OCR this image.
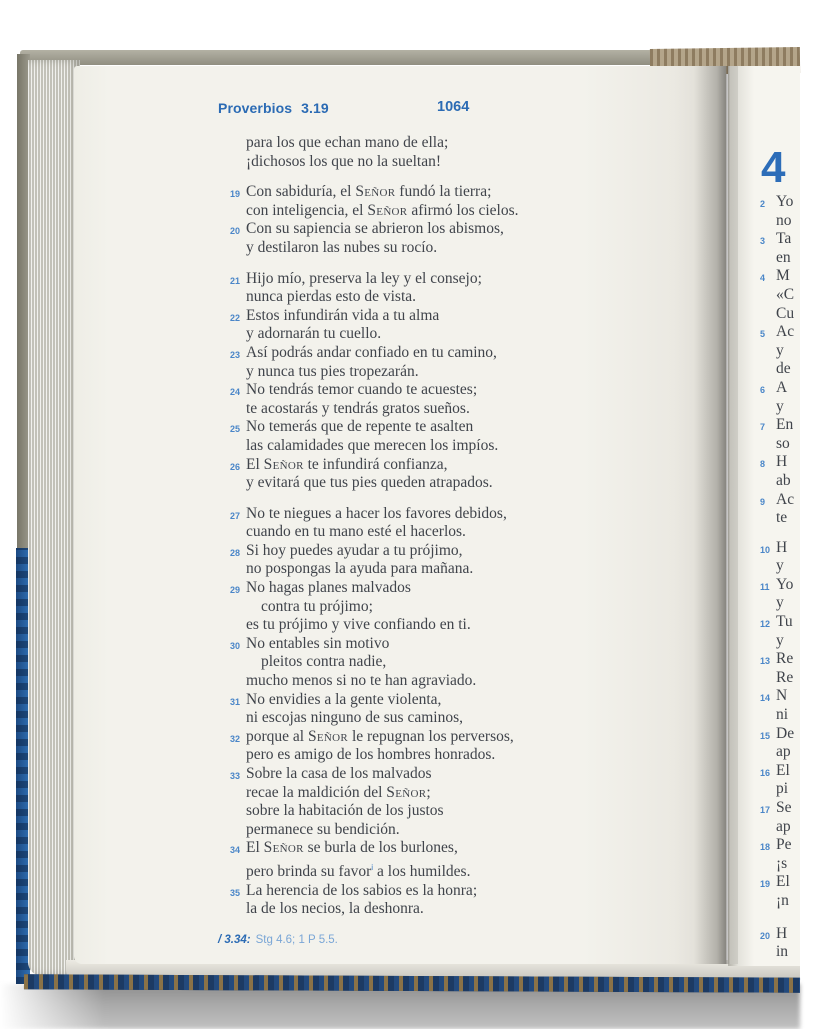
Proverbios 3.19	1064
para los que echan mano de ella;
¡dichosos los que no la sueltan!
19 Con sabiduría, el Señor fundó la tierra;
con inteligencia, el Señor afirmó los cielos.
20 Con su sapiencia se abrieron los abismos,
y destilaron las nubes su rocío.
21 Hijo mío, preserva la ley y el consejo;
nunca pierdas esto de vista.
22 Estos infundirán vida a tu alma
y adornarán tu cuello.
23 Así podrás andar confiado en tu camino,
y nunca tus pies tropezarán.
24 No tendrás temor cuando te acuestes;
te acostarás y tendrás gratos sueños.
25 No temerás que de repente te asalten
las calamidades que merecen los impíos.
26 El Señor te infundirá confianza,
y evitará que tus pies queden atrapados.
27 No te niegues a hacer los favores debidos,
cuando en tu mano esté el hacerlos.
28 Si hoy puedes ayudar a tu prójimo,
no pospongas la ayuda para mañana.
29 No hagas planes malvados
contra tu prójimo;
es tu prójimo y vive confiando en ti.
30 No entables sin motivo
pleitos contra nadie,
mucho menos si no te han agraviado.
31 No envidies a la gente violenta,
ni escojas ninguno de sus caminos,
32 porque al Señor le repugnan los perversos,
pero es amigo de los hombres honrados.
33 Sobre la casa de los malvados
recae la maldición del Señor;
sobre la habitación de los justos
permanece su bendición.
34 El Señor se burla de los burlones,
pero brinda su favor$^i$ a los humildes.
35 La herencia de los sabios es la honra;
la de los necios, la deshonra.
/ 3.34: Stg 4.6; 1 P 5.5.
4
2 Yo
no
3 Ta
en
4 M
«C
Cu
5 Ac
y
de
6 A
y
7 En
so
8 H
ab
9 Ac
te
10 H
y
11 Yo
y
12 Tu
y
13 Re
Re
14 N
ni
15 De
ap
16 El
pi
17 Se
ap
18 Pe
¡s
19 El
¡n
20 H
in
